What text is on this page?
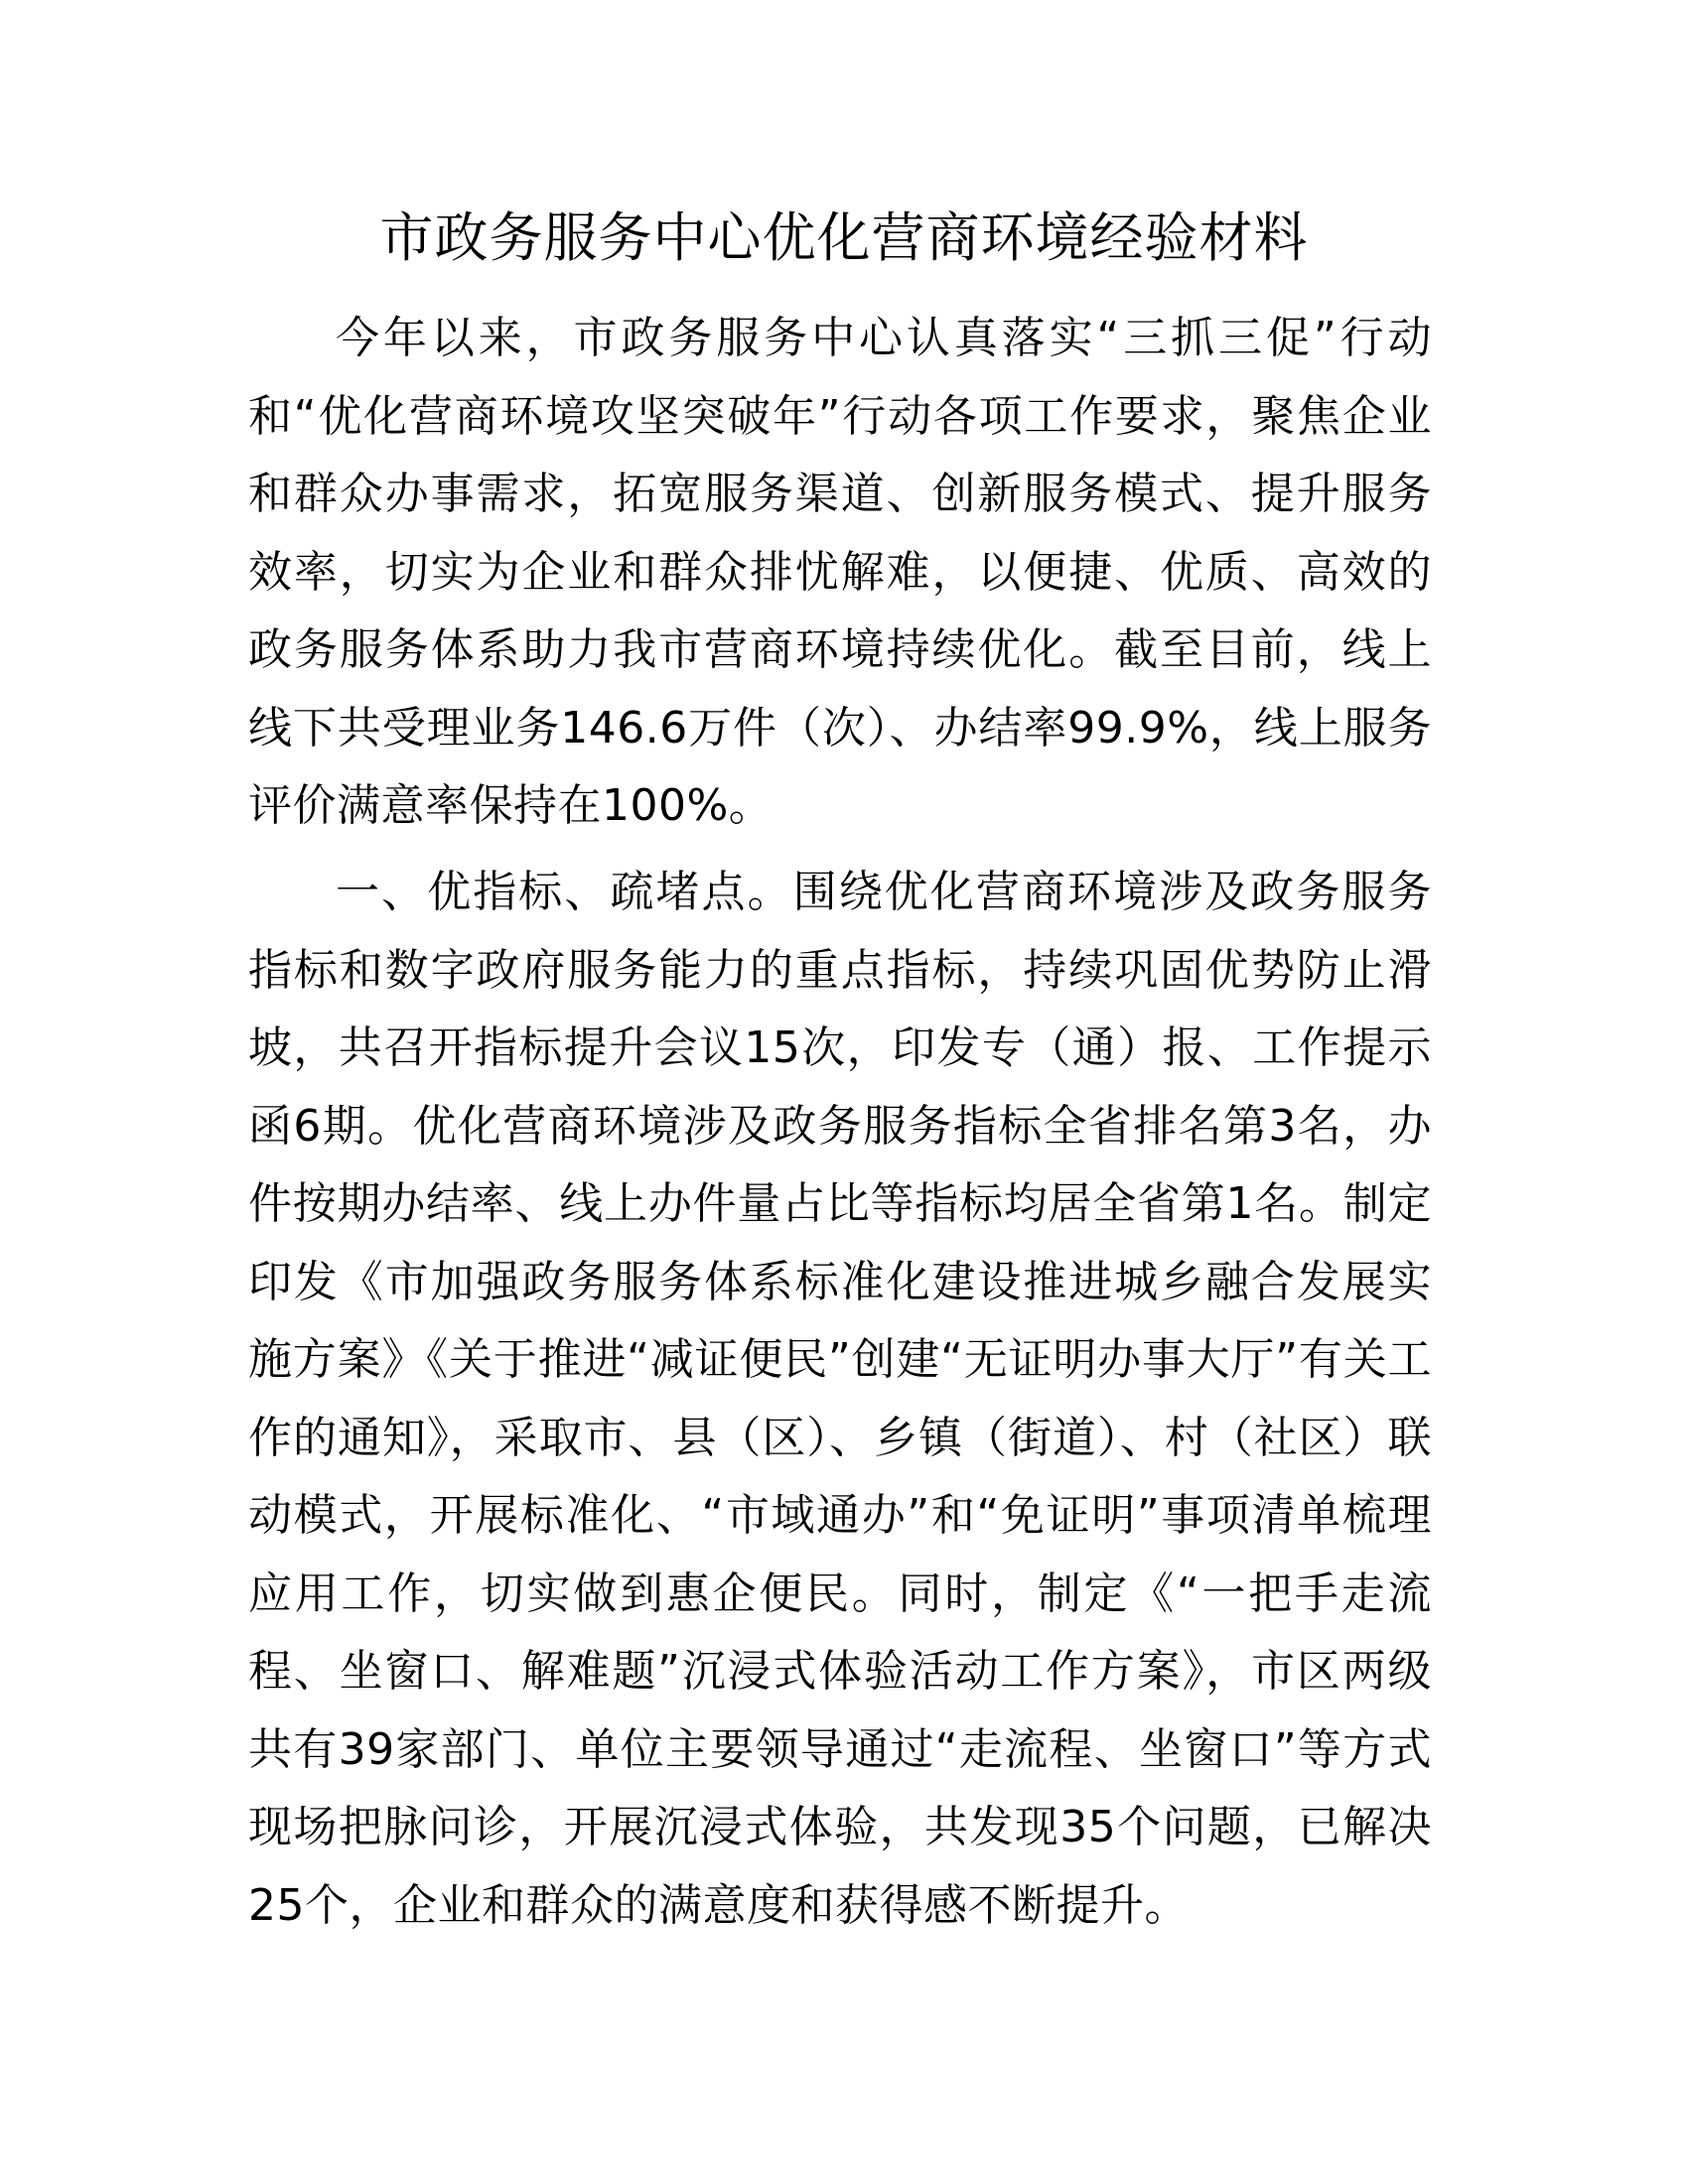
市政务服务中心优化营商环境经验材料

今年以来，市政务服务中心认真落实“三抓三促”行动和“优化营商环境攻坚突破年”行动各项工作要求，聚焦企业和群众办事需求，拓宽服务渠道、创新服务模式、提升服务效率，切实为企业和群众排忧解难，以便捷、优质、高效的政务服务体系助力我市营商环境持续优化。截至目前，线上线下共受理业务146.6万件（次）、办结率99.9%，线上服务评价满意率保持在100%。

一、优指标、疏堵点。围绕优化营商环境涉及政务服务指标和数字政府服务能力的重点指标，持续巩固优势防止滑坡，共召开指标提升会议15次，印发专（通）报、工作提示函6期。优化营商环境涉及政务服务指标全省排名第3名，办件按期办结率、线上办件量占比等指标均居全省第1名。制定印发《市加强政务服务体系标准化建设推进城乡融合发展实施方案》《关于推进“减证便民”创建“无证明办事大厅”有关工作的通知》，采取市、县（区）、乡镇（街道）、村（社区）联动模式，开展标准化、“市域通办”和“免证明”事项清单梳理应用工作，切实做到惠企便民。同时，制定《“一把手走流程、坐窗口、解难题”沉浸式体验活动工作方案》，市区两级共有39家部门、单位主要领导通过“走流程、坐窗口”等方式现场把脉问诊，开展沉浸式体验，共发现35个问题，已解决25个，企业和群众的满意度和获得感不断提升。
